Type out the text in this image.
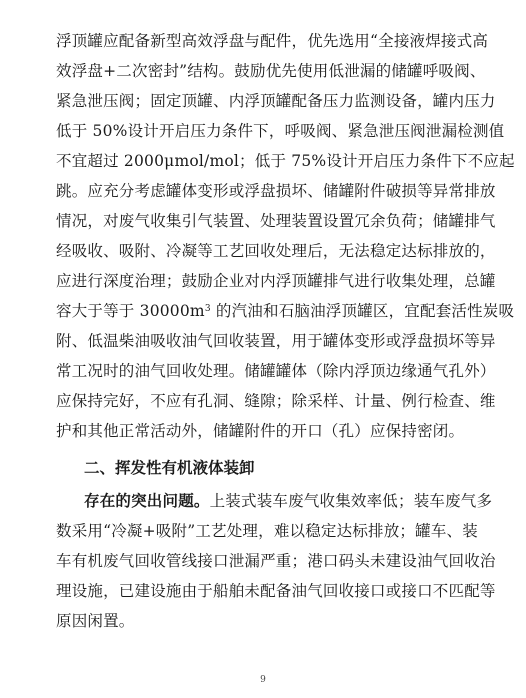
浮顶罐应配备新型高效浮盘与配件，优先选用“全接液焊接式高
效浮盘+二次密封”结构。鼓励优先使用低泄漏的储罐呼吸阀、
紧急泄压阀；固定顶罐、内浮顶罐配备压力监测设备，罐内压力
低于 50%设计开启压力条件下，呼吸阀、紧急泄压阀泄漏检测值
不宜超过 2000μmol/mol；低于 75%设计开启压力条件下不应起
跳。应充分考虑罐体变形或浮盘损坏、储罐附件破损等异常排放
情况，对废气收集引气装置、处理装置设置冗余负荷；储罐排气
经吸收、吸附、冷凝等工艺回收处理后，无法稳定达标排放的，
应进行深度治理；鼓励企业对内浮顶罐排气进行收集处理，总罐
容大于等于 $30000m^3$ 的汽油和石脑油浮顶罐区，宜配套活性炭吸
附、低温柴油吸收油气回收装置，用于罐体变形或浮盘损坏等异
常工况时的油气回收处理。储罐罐体（除内浮顶边缘通气孔外）
应保持完好，不应有孔洞、缝隙；除采样、计量、例行检查、维
护和其他正常活动外，储罐附件的开口（孔）应保持密闭。
二、挥发性有机液体装卸
存在的突出问题。上装式装车废气收集效率低；装车废气多
数采用“冷凝+吸附”工艺处理，难以稳定达标排放；罐车、装
车有机废气回收管线接口泄漏严重；港口码头未建设油气回收治
理设施，已建设施由于船舶未配备油气回收接口或接口不匹配等
原因闲置。
9
